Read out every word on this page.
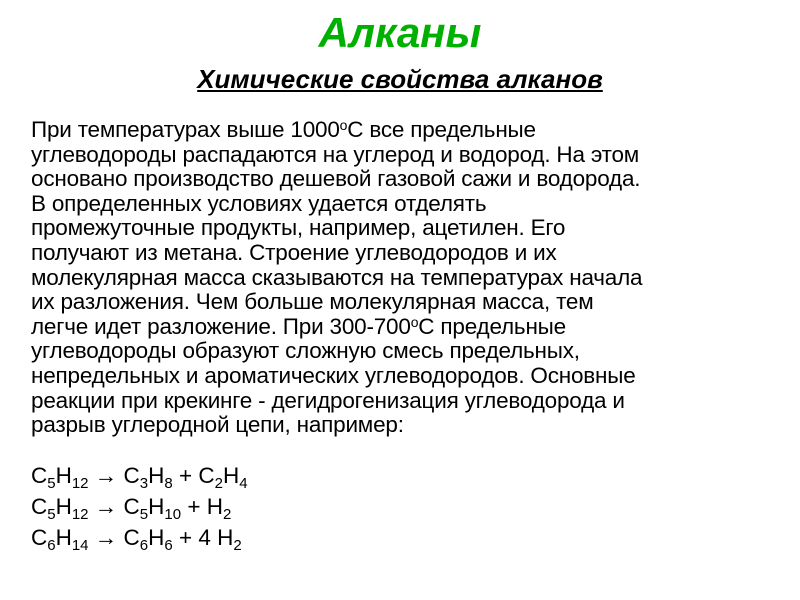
Алканы
Химические свойства алканов
При температурах выше $1000^оС$ все предельные
углеводороды распадаются на углерод и водород. На этом
основано производство дешевой газовой сажи и водорода.
В определенных условиях удается отделять
промежуточные продукты, например, ацетилен. Его
получают из метана. Строение углеводородов и их
молекулярная масса сказываются на температурах начала
их разложения. Чем больше молекулярная масса, тем
легче идет разложение. При $300-700^оС$ предельные
углеводороды образуют сложную смесь предельных,
непредельных и ароматических углеводородов. Основные
реакции при крекинге - дегидрогенизация углеводорода и
разрыв углеродной цепи, например:
$C_5H_{12} \to C_3H_8 + C_2H_4$
$C_5H_{12} \to C_5H_{10} + H_2$
$C_6H_{14} \to C_6H_6 + 4$ $H_2$
